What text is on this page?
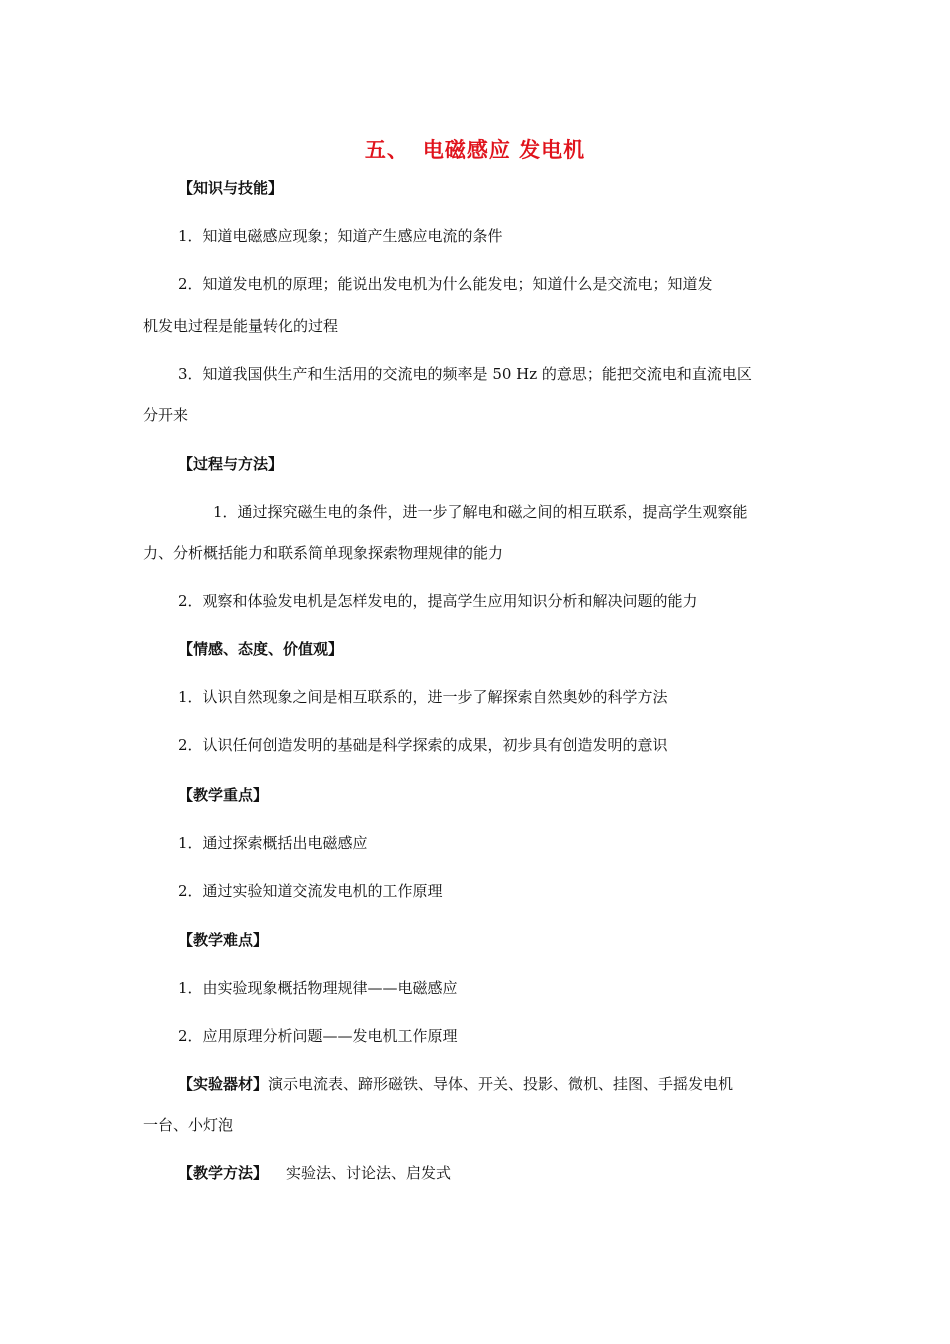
五、 电磁感应 发电机
【知识与技能】
1．知道电磁感应现象；知道产生感应电流的条件
2．知道发电机的原理；能说出发电机为什么能发电；知道什么是交流电；知道发
机发电过程是能量转化的过程
3．知道我国供生产和生活用的交流电的频率是 50 Hz 的意思；能把交流电和直流电区
分开来
【过程与方法】
1．通过探究磁生电的条件，进一步了解电和磁之间的相互联系，提高学生观察能
力、分析概括能力和联系简单现象探索物理规律的能力
2．观察和体验发电机是怎样发电的，提高学生应用知识分析和解决问题的能力
【情感、态度、价值观】
1．认识自然现象之间是相互联系的，进一步了解探索自然奥妙的科学方法
2．认识任何创造发明的基础是科学探索的成果，初步具有创造发明的意识
【教学重点】
1．通过探索概括出电磁感应
2．通过实验知道交流发电机的工作原理
【教学难点】
1．由实验现象概括物理规律——电磁感应
2．应用原理分析问题——发电机工作原理
【实验器材】演示电流表、蹄形磁铁、导体、开关、投影、微机、挂图、手摇发电机
一台、小灯泡
【教学方法】 实验法、讨论法、启发式
